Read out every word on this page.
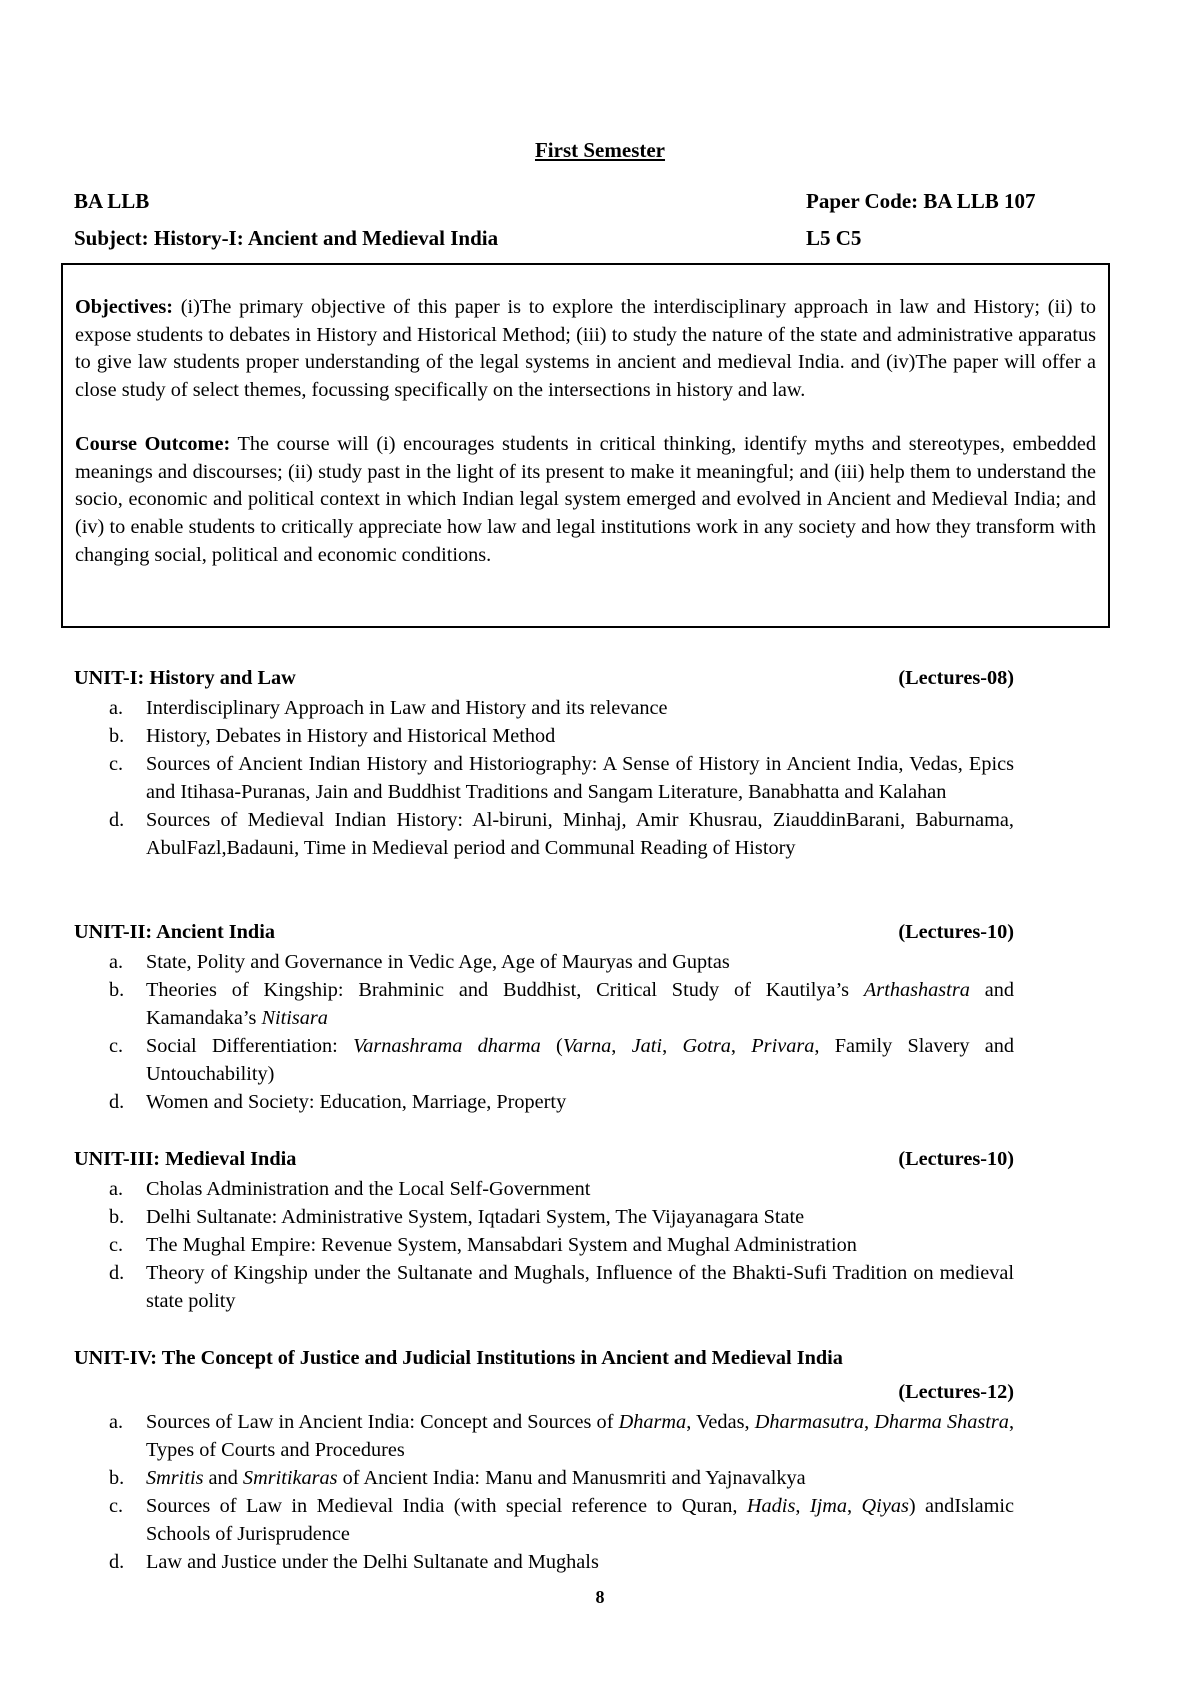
First Semester
BA LLB	Paper Code: BA LLB 107
Subject: History-I: Ancient and Medieval India	L5 C5

Objectives: (i)The primary objective of this paper is to explore the interdisciplinary approach in law and History; (ii) to expose students to debates in History and Historical Method; (iii) to study the nature of the state and administrative apparatus to give law students proper understanding of the legal systems in ancient and medieval India. and (iv)The paper will offer a close study of select themes, focussing specifically on the intersections in history and law.

Course Outcome: The course will (i) encourages students in critical thinking, identify myths and stereotypes, embedded meanings and discourses; (ii) study past in the light of its present to make it meaningful; and (iii) help them to understand the socio, economic and political context in which Indian legal system emerged and evolved in Ancient and Medieval India; and (iv) to enable students to critically appreciate how law and legal institutions work in any society and how they transform with changing social, political and economic conditions.

UNIT-I: History and Law	(Lectures-08)
a. Interdisciplinary Approach in Law and History and its relevance
b. History, Debates in History and Historical Method
c. Sources of Ancient Indian History and Historiography: A Sense of History in Ancient India, Vedas, Epics and Itihasa-Puranas, Jain and Buddhist Traditions and Sangam Literature, Banabhatta and Kalahan
d. Sources of Medieval Indian History: Al-biruni, Minhaj, Amir Khusrau, ZiauddinBarani, Baburnama, AbulFazl,Badauni, Time in Medieval period and Communal Reading of History
UNIT-II: Ancient India	(Lectures-10)
a. State, Polity and Governance in Vedic Age, Age of Mauryas and Guptas
b. Theories of Kingship: Brahminic and Buddhist, Critical Study of Kautilya’s Arthashastra and Kamandaka’s Nitisara
c. Social Differentiation: Varnashrama dharma (Varna, Jati, Gotra, Privara, Family Slavery and Untouchability)
d. Women and Society: Education, Marriage, Property
UNIT-III: Medieval India	(Lectures-10)
a. Cholas Administration and the Local Self-Government
b. Delhi Sultanate: Administrative System, Iqtadari System, The Vijayanagara State
c. The Mughal Empire: Revenue System, Mansabdari System and Mughal Administration
d. Theory of Kingship under the Sultanate and Mughals, Influence of the Bhakti-Sufi Tradition on medieval state polity
UNIT-IV: The Concept of Justice and Judicial Institutions in Ancient and Medieval India
(Lectures-12)
a. Sources of Law in Ancient India: Concept and Sources of Dharma, Vedas, Dharmasutra, Dharma Shastra, Types of Courts and Procedures
b. Smritis and Smritikaras of Ancient India: Manu and Manusmriti and Yajnavalkya
c. Sources of Law in Medieval India (with special reference to Quran, Hadis, Ijma, Qiyas) andIslamic Schools of Jurisprudence
d. Law and Justice under the Delhi Sultanate and Mughals
8
